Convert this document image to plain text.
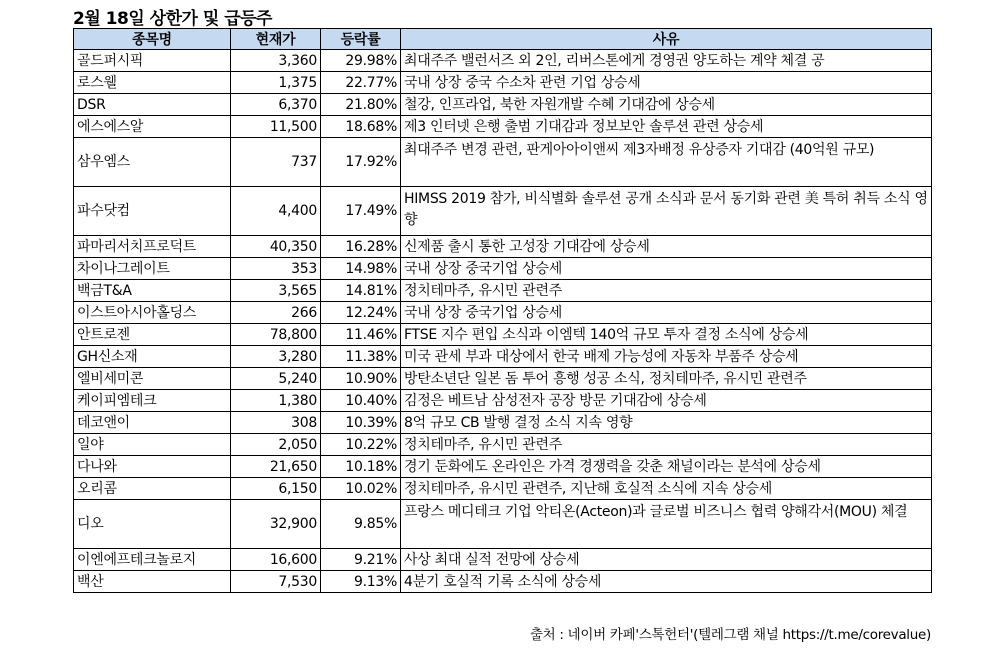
2월 18일 상한가 및 급등주
종목명	현재가	등락률	사유
골드퍼시픽	3,360	29.98%	최대주주 밸런서즈 외 2인, 리버스톤에게 경영권 양도하는 계약 체결 공
로스웰	1,375	22.77%	국내 상장 중국 수소차 관련 기업 상승세
DSR	6,370	21.80%	철강, 인프라업, 북한 자원개발 수혜 기대감에 상승세
에스에스알	11,500	18.68%	제3 인터넷 은행 출범 기대감과 정보보안 솔루션 관련 상승세
삼우엠스	737	17.92%	최대주주 변경 관련, 판게아아이앤씨 제3자배정 유상증자 기대감 (40억원 규모)
파수닷컴	4,400	17.49%	HIMSS 2019 참가, 비식별화 솔루션 공개 소식과 문서 동기화 관련 美 특허 취득 소식 영향
파마리서치프로덕트	40,350	16.28%	신제품 출시 통한 고성장 기대감에 상승세
차이나그레이트	353	14.98%	국내 상장 중국기업 상승세
백금T&A	3,565	14.81%	정치테마주, 유시민 관련주
이스트아시아홀딩스	266	12.24%	국내 상장 중국기업 상승세
안트로젠	78,800	11.46%	FTSE 지수 편입 소식과 이엠텍 140억 규모 투자 결정 소식에 상승세
GH신소재	3,280	11.38%	미국 관세 부과 대상에서 한국 배제 가능성에 자동차 부품주 상승세
엘비세미콘	5,240	10.90%	방탄소년단 일본 돔 투어 흥행 성공 소식, 정치테마주, 유시민 관련주
케이피엠테크	1,380	10.40%	김정은 베트남 삼성전자 공장 방문 기대감에 상승세
데코앤이	308	10.39%	8억 규모 CB 발행 결정 소식 지속 영향
일야	2,050	10.22%	정치테마주, 유시민 관련주
다나와	21,650	10.18%	경기 둔화에도 온라인은 가격 경쟁력을 갖춘 채널이라는 분석에 상승세
오리콤	6,150	10.02%	정치테마주, 유시민 관련주, 지난해 호실적 소식에 지속 상승세
디오	32,900	9.85%	프랑스 메디테크 기업 악티온(Acteon)과 글로벌 비즈니스 협력 양해각서(MOU) 체결
이엔에프테크놀로지	16,600	9.21%	사상 최대 실적 전망에 상승세
백산	7,530	9.13%	4분기 호실적 기록 소식에 상승세
출처 : 네이버 카페'스톡헌터'(텔레그램 채널 https://t.me/corevalue)
